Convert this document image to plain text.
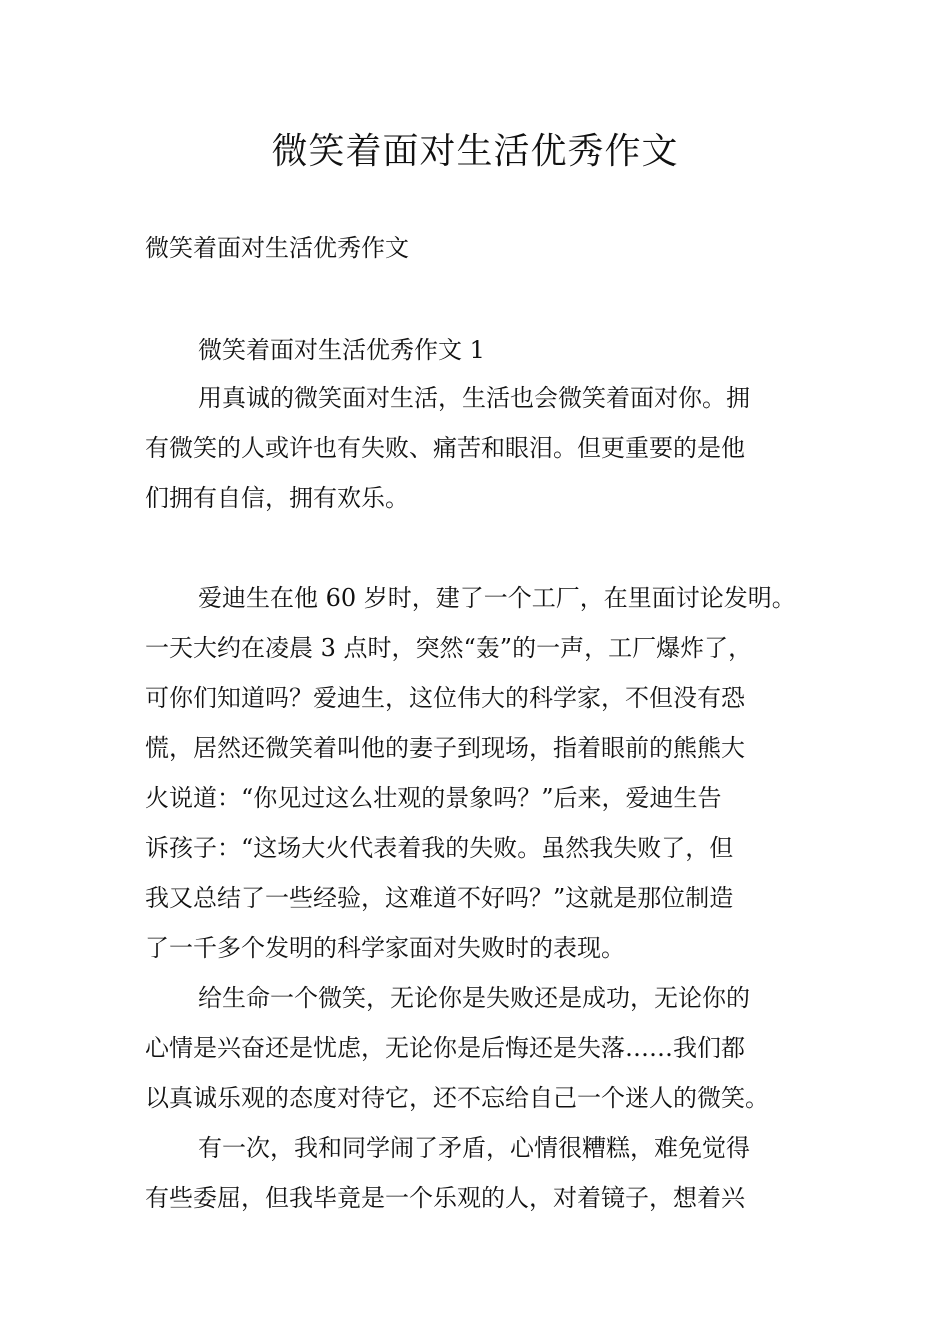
微笑着面对生活优秀作文

微笑着面对生活优秀作文

微笑着面对生活优秀作文 1

用真诚的微笑面对生活，生活也会微笑着面对你。拥

有微笑的人或许也有失败、痛苦和眼泪。但更重要的是他

们拥有自信，拥有欢乐。

爱迪生在他 60 岁时，建了一个工厂，在里面讨论发明。

一天大约在凌晨 3 点时，突然“轰”的一声，工厂爆炸了，

可你们知道吗？爱迪生，这位伟大的科学家，不但没有恐

慌，居然还微笑着叫他的妻子到现场，指着眼前的熊熊大

火说道：“你见过这么壮观的景象吗？”后来，爱迪生告

诉孩子：“这场大火代表着我的失败。虽然我失败了，但

我又总结了一些经验，这难道不好吗？”这就是那位制造

了一千多个发明的科学家面对失败时的表现。

给生命一个微笑，无论你是失败还是成功，无论你的

心情是兴奋还是忧虑，无论你是后悔还是失落……我们都

以真诚乐观的态度对待它，还不忘给自己一个迷人的微笑。

有一次，我和同学闹了矛盾，心情很糟糕，难免觉得

有些委屈，但我毕竟是一个乐观的人，对着镜子，想着兴
